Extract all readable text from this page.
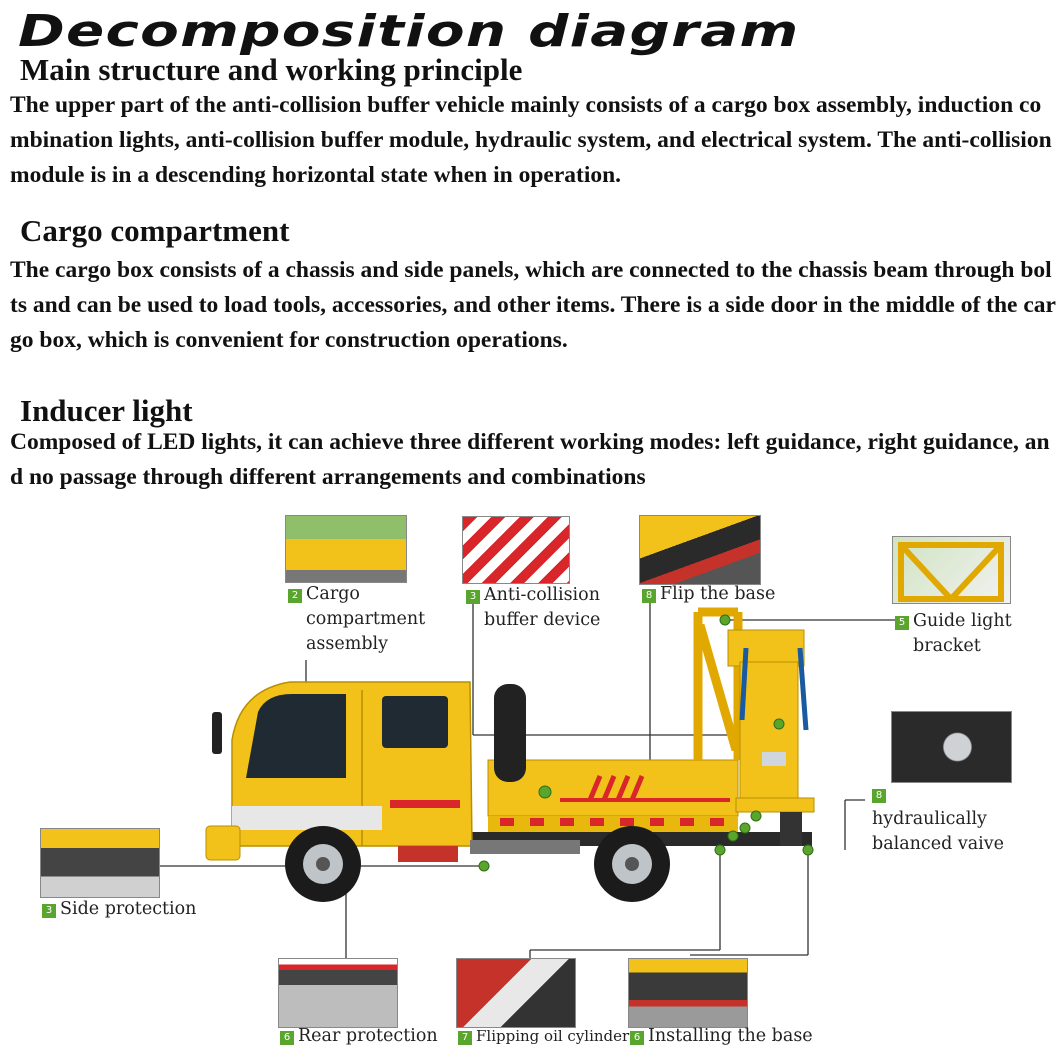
Decomposition diagram
Main structure and working principle
The upper part of the anti-collision buffer vehicle mainly consists of a cargo box assembly, induction combination lights, anti-collision buffer module, hydraulic system, and electrical system. The anti-collision module is in a descending horizontal state when in operation.
Cargo compartment
The cargo box consists of a chassis and side panels, which are connected to the chassis beam through bolts and can be used to load tools, accessories, and other items. There is a side door in the middle of the cargo box, which is convenient for construction operations.
Inducer light
Composed of LED lights, it can achieve three different working modes: left guidance, right guidance, and no passage through different arrangements and combinations
2 Cargo
compartment
assembly
3 Anti-collision
buffer device
8 Flip the base
5 Guide light
bracket
8
hydraulically
balanced vaive
3 Side protection
6 Rear protection	7 Flipping oil cylinder 6 Installing the base
